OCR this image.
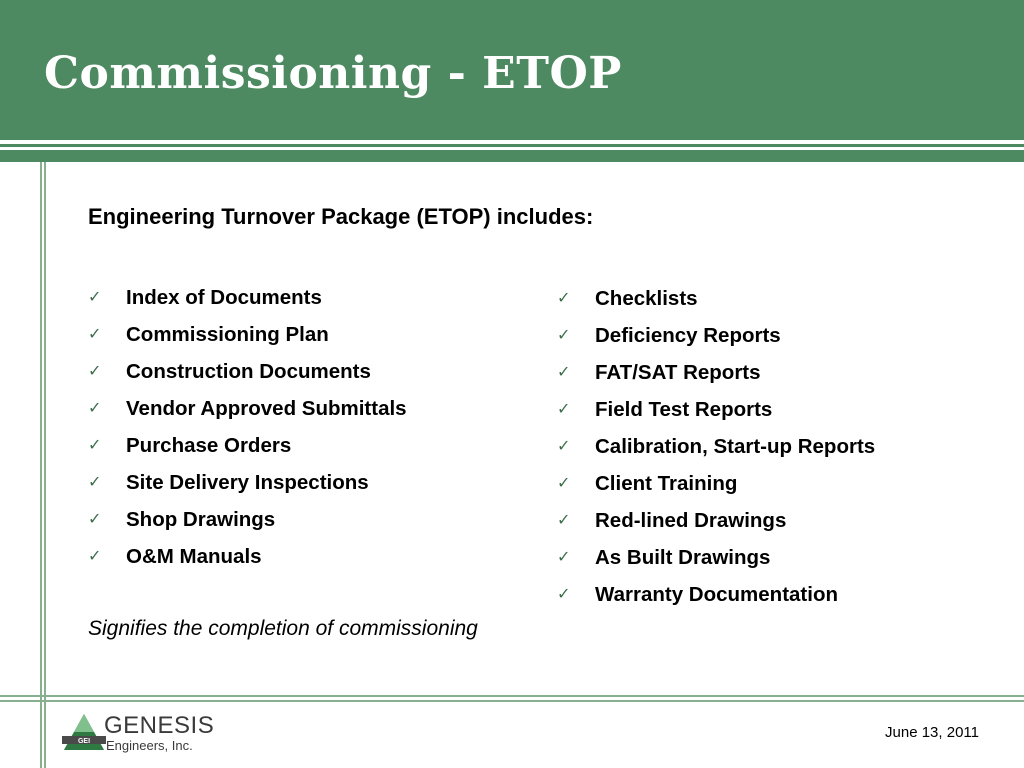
Commissioning - ETOP
Engineering Turnover Package (ETOP) includes:
✓	Index of Documents
✓	Commissioning Plan
✓	Construction Documents
✓	Vendor Approved Submittals
✓	Purchase Orders
✓	Site Delivery Inspections
✓	Shop Drawings
✓	O&M Manuals
✓	Checklists
✓	Deficiency Reports
✓	FAT/SAT Reports
✓	Field Test Reports
✓	Calibration, Start-up Reports
✓	Client Training
✓	Red-lined Drawings
✓	As Built Drawings
✓	Warranty Documentation
Signifies the completion of commissioning
GEI
GENESIS
Engineers, Inc.
June 13, 2011
